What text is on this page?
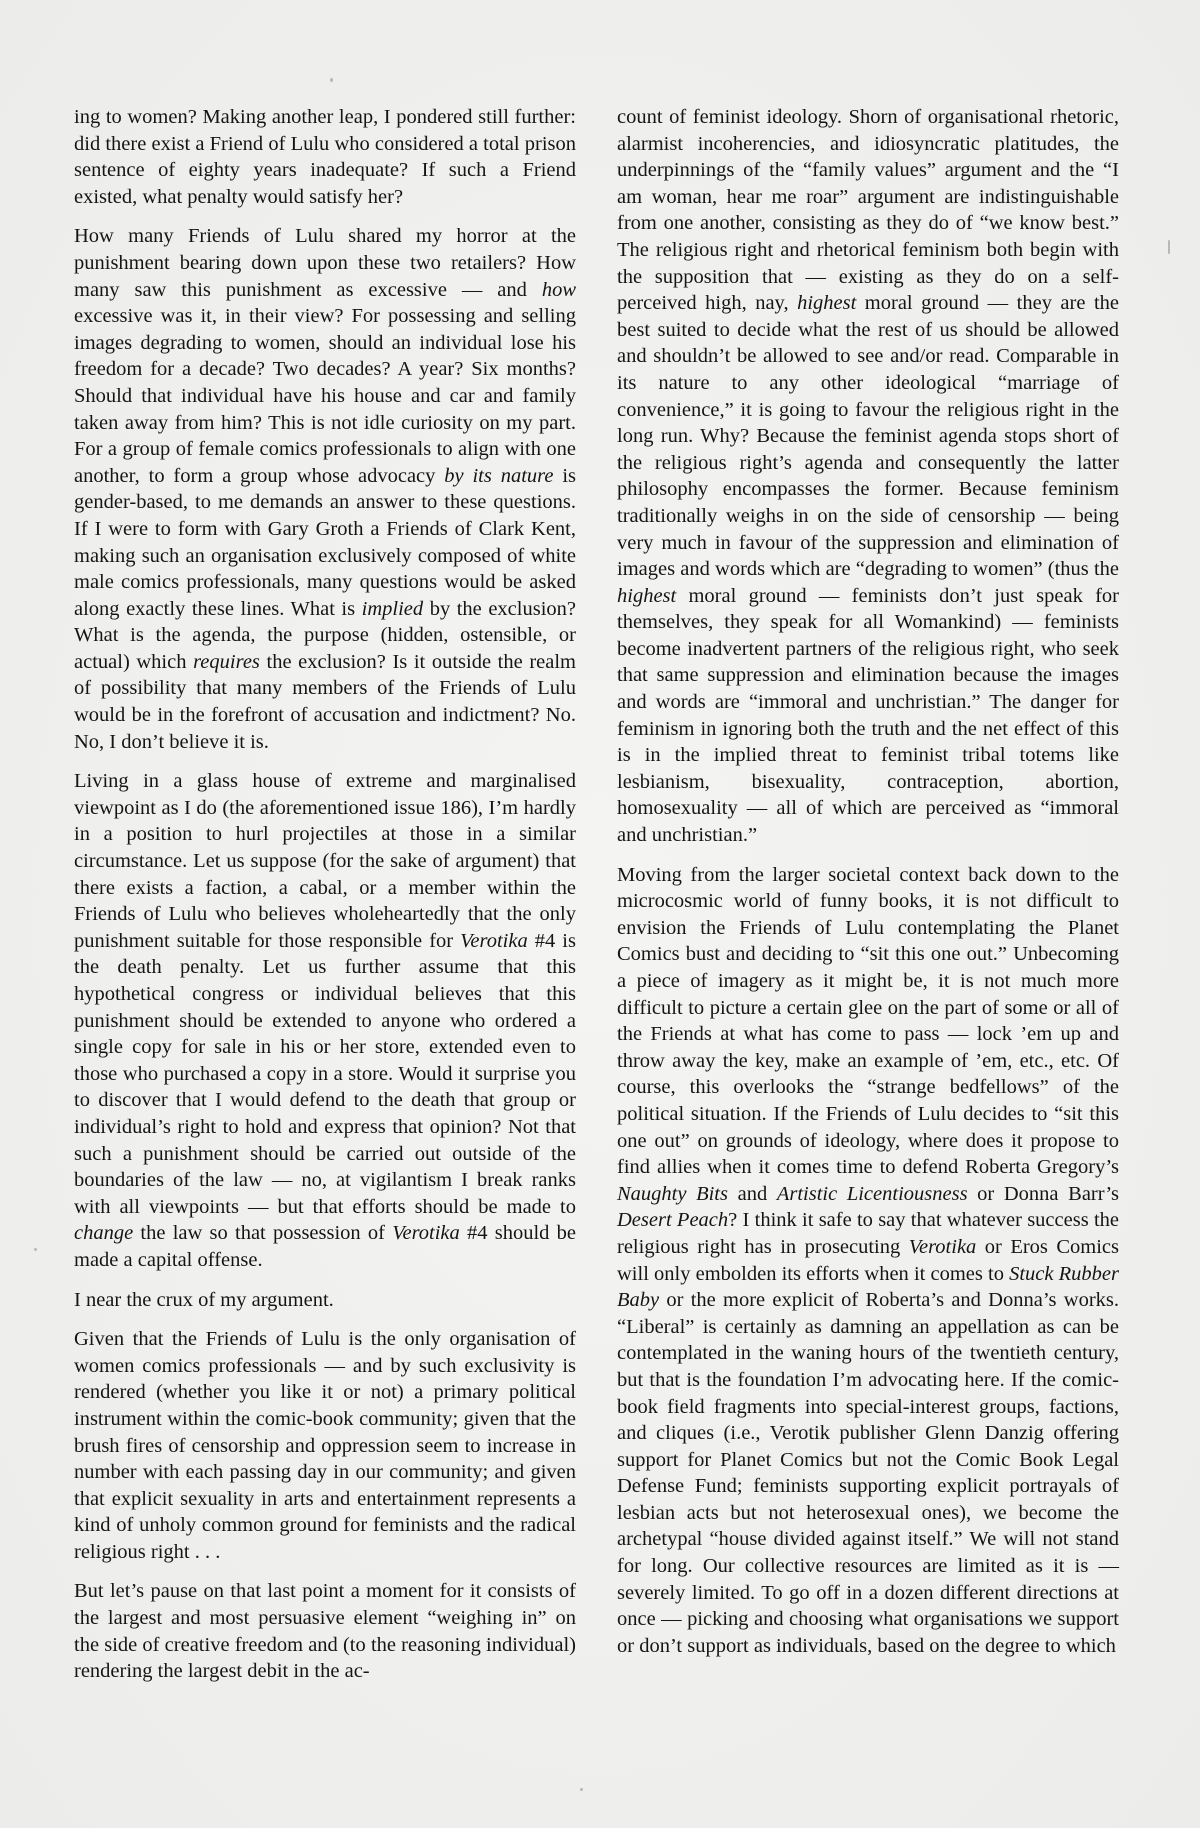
ing to women? Making another leap, I pondered still further: did there exist a Friend of Lulu who considered a total prison sentence of eighty years inadequate? If such a Friend existed, what penalty would satisfy her?

How many Friends of Lulu shared my horror at the punishment bearing down upon these two retailers? How many saw this punishment as excessive — and how excessive was it, in their view? For possessing and selling images degrading to women, should an individual lose his freedom for a decade? Two decades? A year? Six months? Should that individual have his house and car and family taken away from him? This is not idle curiosity on my part. For a group of female comics professionals to align with one another, to form a group whose advocacy by its nature is gender-based, to me demands an answer to these questions. If I were to form with Gary Groth a Friends of Clark Kent, making such an organisation exclusively composed of white male comics professionals, many questions would be asked along exactly these lines. What is implied by the exclusion? What is the agenda, the purpose (hidden, ostensible, or actual) which requires the exclusion? Is it outside the realm of possibility that many members of the Friends of Lulu would be in the forefront of accusation and indictment? No. No, I don’t believe it is.

Living in a glass house of extreme and marginalised viewpoint as I do (the aforementioned issue 186), I’m hardly in a position to hurl projectiles at those in a similar circumstance. Let us suppose (for the sake of argument) that there exists a faction, a cabal, or a member within the Friends of Lulu who believes wholeheartedly that the only punishment suitable for those responsible for Verotika #4 is the death penalty. Let us further assume that this hypothetical congress or individual believes that this punishment should be extended to anyone who ordered a single copy for sale in his or her store, extended even to those who purchased a copy in a store. Would it surprise you to discover that I would defend to the death that group or individual’s right to hold and express that opinion? Not that such a punishment should be carried out outside of the boundaries of the law — no, at vigilantism I break ranks with all viewpoints — but that efforts should be made to change the law so that possession of Verotika #4 should be made a capital offense.

I near the crux of my argument.

Given that the Friends of Lulu is the only organisation of women comics professionals — and by such exclusivity is rendered (whether you like it or not) a primary political instrument within the comic-book community; given that the brush fires of censorship and oppression seem to increase in number with each passing day in our community; and given that explicit sexuality in arts and entertainment represents a kind of unholy common ground for feminists and the radical religious right . . .

But let’s pause on that last point a moment for it consists of the largest and most persuasive element “weighing in” on the side of creative freedom and (to the reasoning individual) rendering the largest debit in the ac-

count of feminist ideology. Shorn of organisational rhetoric, alarmist incoherencies, and idiosyncratic platitudes, the underpinnings of the “family values” argument and the “I am woman, hear me roar” argument are indistinguishable from one another, consisting as they do of “we know best.” The religious right and rhetorical feminism both begin with the supposition that — existing as they do on a self-perceived high, nay, highest moral ground — they are the best suited to decide what the rest of us should be allowed and shouldn’t be allowed to see and/or read. Comparable in its nature to any other ideological “marriage of convenience,” it is going to favour the religious right in the long run. Why? Because the feminist agenda stops short of the religious right’s agenda and consequently the latter philosophy encompasses the former. Because feminism traditionally weighs in on the side of censorship — being very much in favour of the suppression and elimination of images and words which are “degrading to women” (thus the highest moral ground — feminists don’t just speak for themselves, they speak for all Womankind) — feminists become inadvertent partners of the religious right, who seek that same suppression and elimination because the images and words are “immoral and unchristian.” The danger for feminism in ignoring both the truth and the net effect of this is in the implied threat to feminist tribal totems like lesbianism, bisexuality, contraception, abortion, homosexuality — all of which are perceived as “immoral and unchristian.”

Moving from the larger societal context back down to the microcosmic world of funny books, it is not difficult to envision the Friends of Lulu contemplating the Planet Comics bust and deciding to “sit this one out.” Unbecoming a piece of imagery as it might be, it is not much more difficult to picture a certain glee on the part of some or all of the Friends at what has come to pass — lock ’em up and throw away the key, make an example of ’em, etc., etc. Of course, this overlooks the “strange bedfellows” of the political situation. If the Friends of Lulu decides to “sit this one out” on grounds of ideology, where does it propose to find allies when it comes time to defend Roberta Gregory’s Naughty Bits and Artistic Licentiousness or Donna Barr’s Desert Peach? I think it safe to say that whatever success the religious right has in prosecuting Verotika or Eros Comics will only embolden its efforts when it comes to Stuck Rubber Baby or the more explicit of Roberta’s and Donna’s works. “Liberal” is certainly as damning an appellation as can be contemplated in the waning hours of the twentieth century, but that is the foundation I’m advocating here. If the comic-book field fragments into special-interest groups, factions, and cliques (i.e., Verotik publisher Glenn Danzig offering support for Planet Comics but not the Comic Book Legal Defense Fund; feminists supporting explicit portrayals of lesbian acts but not heterosexual ones), we become the archetypal “house divided against itself.” We will not stand for long. Our collective resources are limited as it is — severely limited. To go off in a dozen different directions at once — picking and choosing what organisations we support or don’t support as individuals, based on the degree to which
